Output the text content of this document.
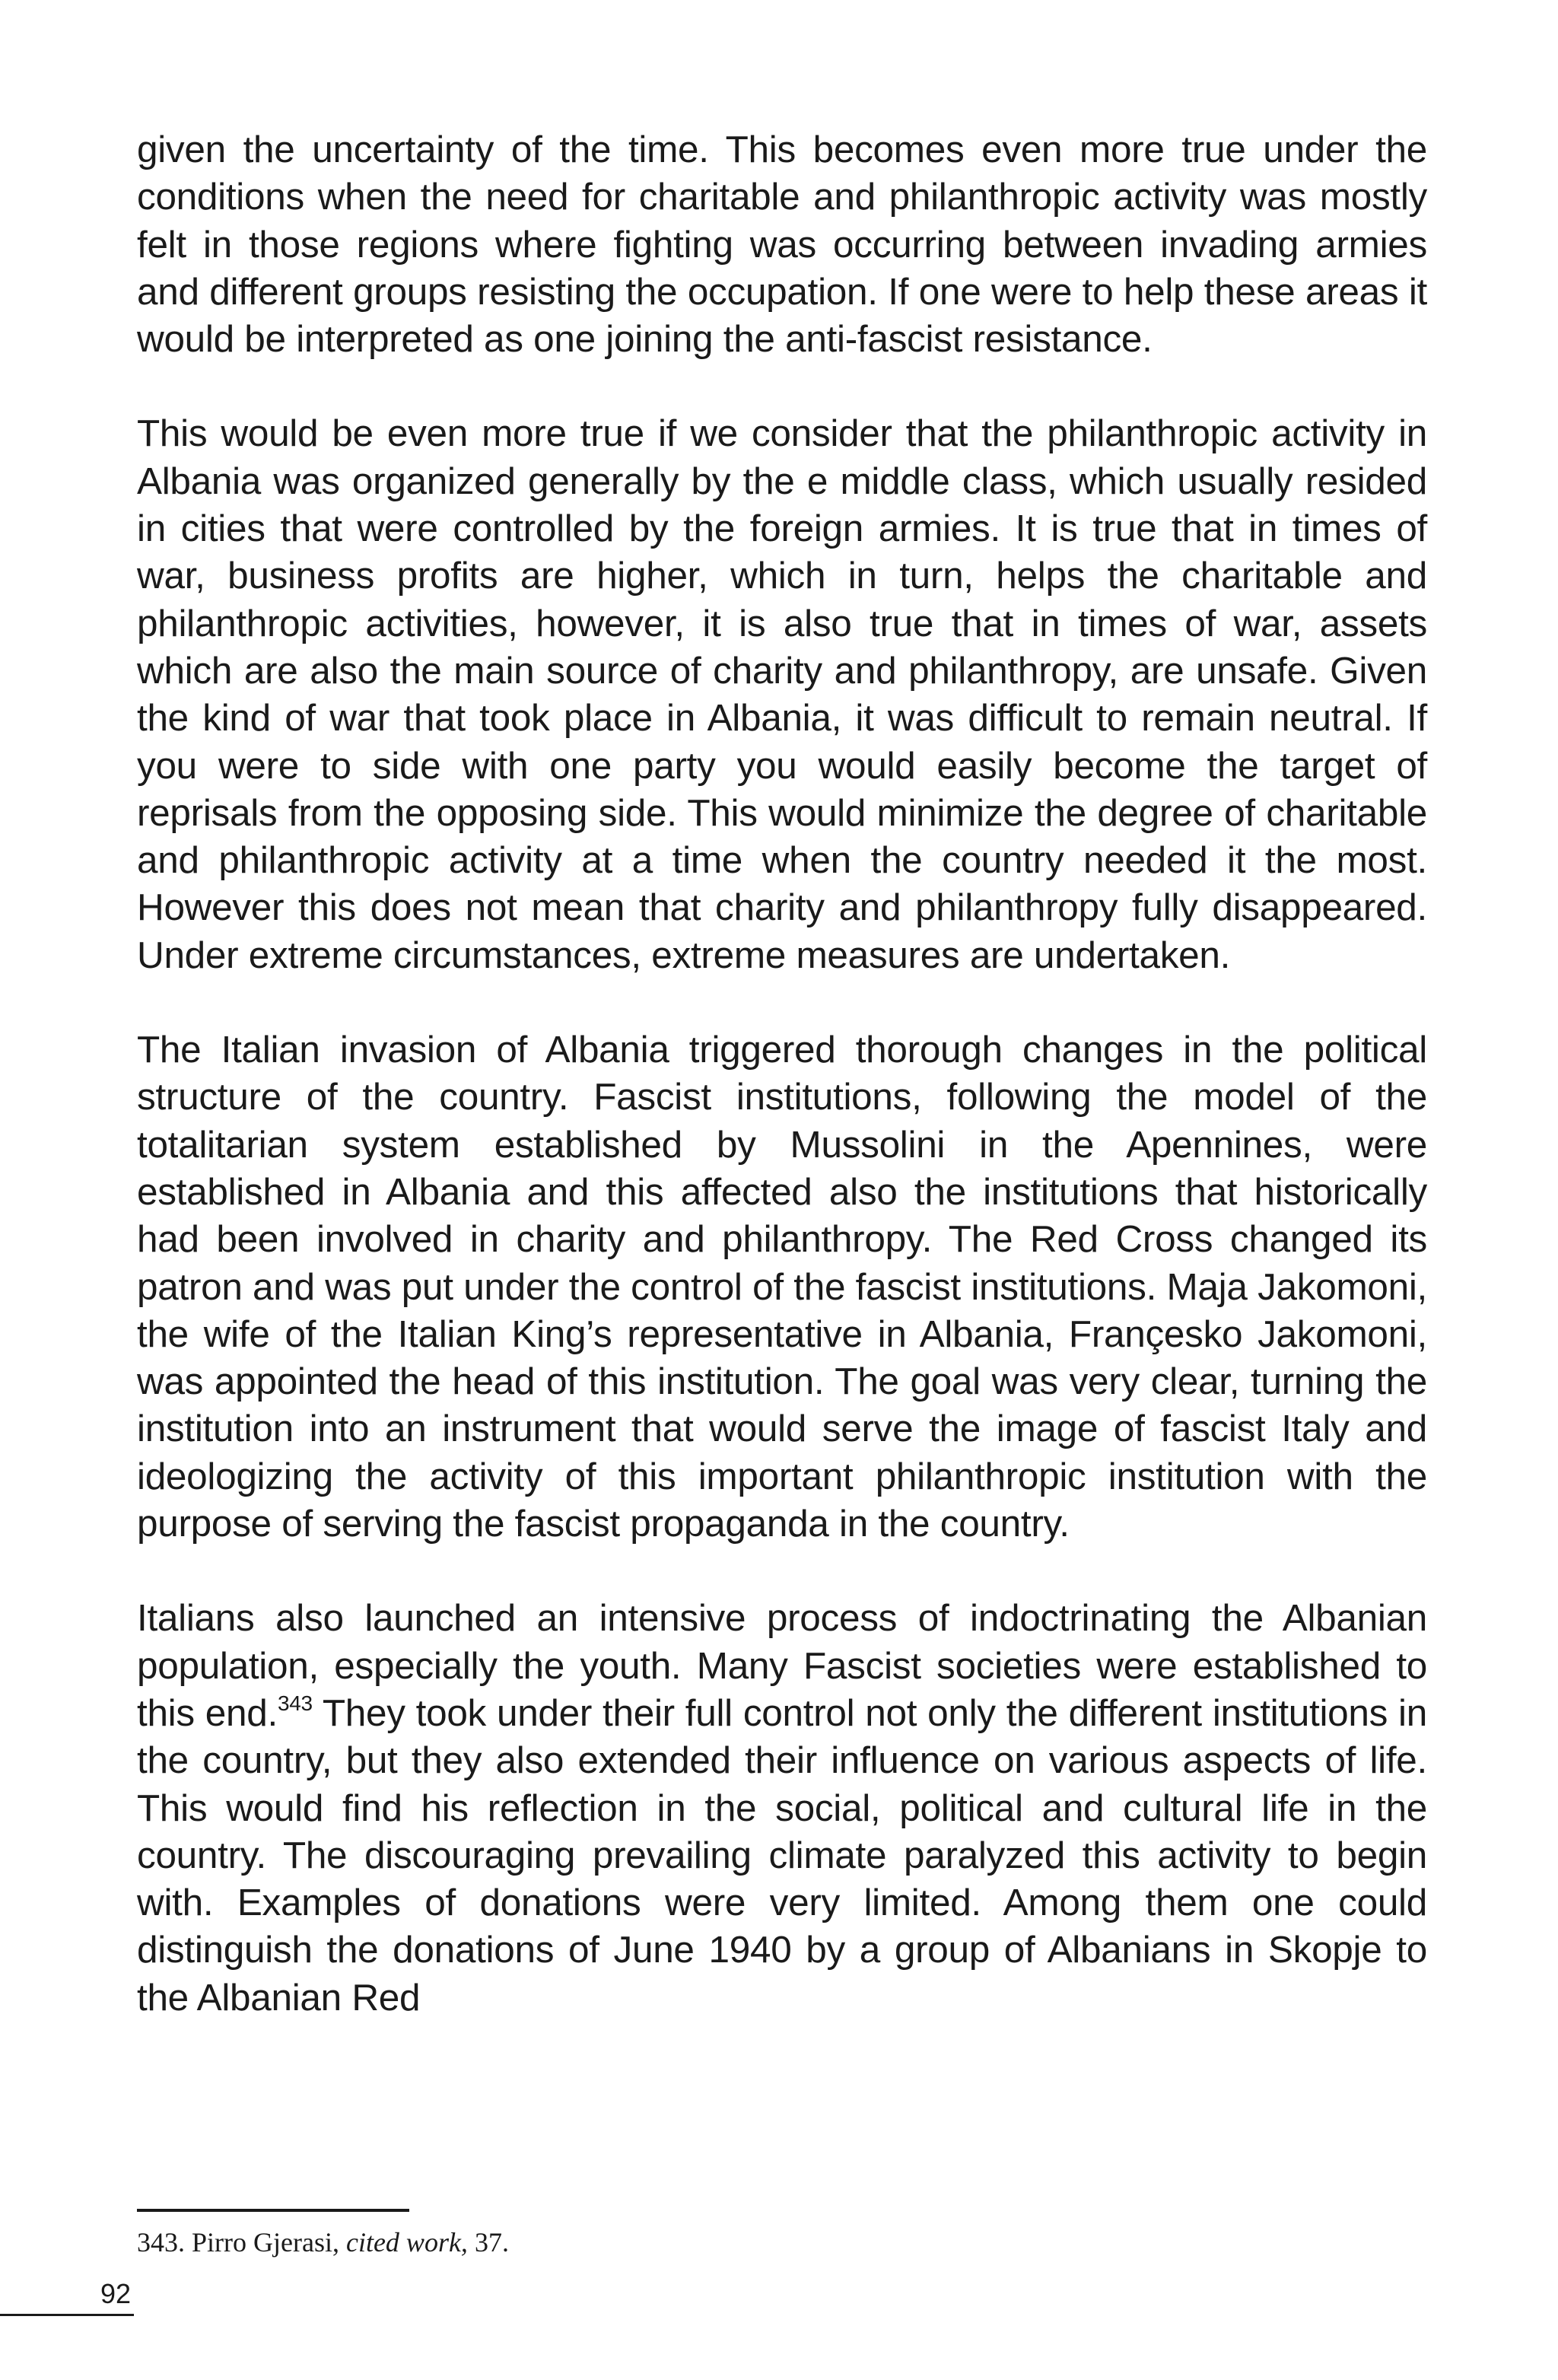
given the uncertainty of the time. This becomes even more true under the conditions when the need for charitable and philanthropic activity was mostly felt in those regions where fighting was occurring between invading armies and different groups resisting the occupation. If one were to help these areas it would be interpreted as one joining the anti-fascist resistance.

This would be even more true if we consider that the philanthropic activity in Albania was organized generally by the e middle class, which usually resided in cities that were controlled by the foreign armies. It is true that in times of war, business profits are higher, which in turn, helps the charitable and philanthropic activities, however, it is also true that in times of war, assets which are also the main source of charity and philanthropy, are unsafe. Given the kind of war that took place in Albania, it was difficult to remain neutral. If you were to side with one party you would easily become the target of reprisals from the opposing side. This would minimize the degree of charitable and philanthropic activity at a time when the country needed it the most. However this does not mean that charity and philanthropy fully disappeared. Under extreme circumstances, extreme measures are undertaken.

The Italian invasion of Albania triggered thorough changes in the political structure of the country. Fascist institutions, following the model of the totalitarian system established by Mussolini in the Apennines, were established in Albania and this affected also the institutions that historically had been involved in charity and philanthropy. The Red Cross changed its patron and was put under the control of the fascist institutions. Maja Jakomoni, the wife of the Italian King’s representative in Albania, Françesko Jakomoni, was appointed the head of this institution. The goal was very clear, turning the institution into an instrument that would serve the image of fascist Italy and ideologizing the activity of this important philanthropic institution with the purpose of serving the fascist propaganda in the country.

Italians also launched an intensive process of indoctrinating the Albanian population, especially the youth. Many Fascist societies were established to this end.$^{343}$ They took under their full control not only the different institutions in the country, but they also extended their influence on various aspects of life. This would find his reflection in the social, political and cultural life in the country. The discouraging prevailing climate paralyzed this activity to begin with. Examples of donations were very limited. Among them one could distinguish the donations of June 1940 by a group of Albanians in Skopje to the Albanian Red

343. Pirro Gjerasi, cited work, 37.
92
